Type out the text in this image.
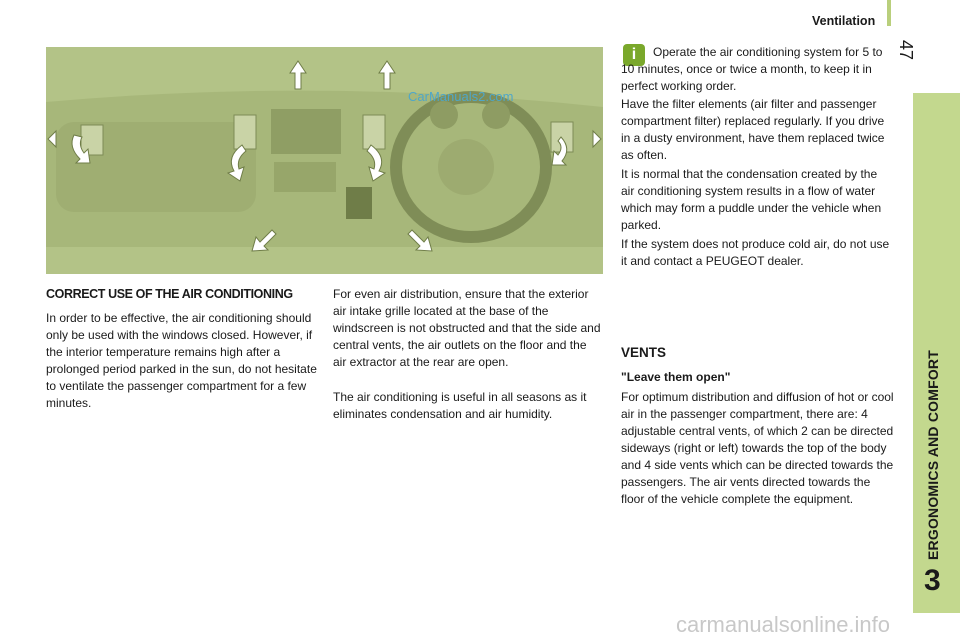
Ventilation
47
ERGONOMICS AND COMFORT
3
CarManuals2.com
CORRECT USE OF THE AIR CONDITIONING

In order to be effective, the air conditioning should only be used with the windows closed. However, if the interior temperature remains high after a prolonged period parked in the sun, do not hesitate to ventilate the passenger compartment for a few minutes.

For even air distribution, ensure that the exterior air intake grille located at the base of the windscreen is not obstructed and that the side and central vents, the air outlets on the floor and the air extractor at the rear are open.

The air conditioning is useful in all seasons as it eliminates condensation and air humidity.

i	Operate the air conditioning system for 5 to 10 minutes, once or twice a month, to keep it in perfect working order.

Have the filter elements (air filter and passenger compartment filter) replaced regularly. If you drive in a dusty environment, have them replaced twice as often.

It is normal that the condensation created by the air conditioning system results in a flow of water which may form a puddle under the vehicle when parked.

If the system does not produce cold air, do not use it and contact a PEUGEOT dealer.

VENTS
"Leave them open"

For optimum distribution and diffusion of hot or cool air in the passenger compartment, there are: 4 adjustable central vents, of which 2 can be directed sideways (right or left) towards the top of the body and 4 side vents which can be directed towards the passengers. The air vents directed towards the floor of the vehicle complete the equipment.

carmanualsonline.info
